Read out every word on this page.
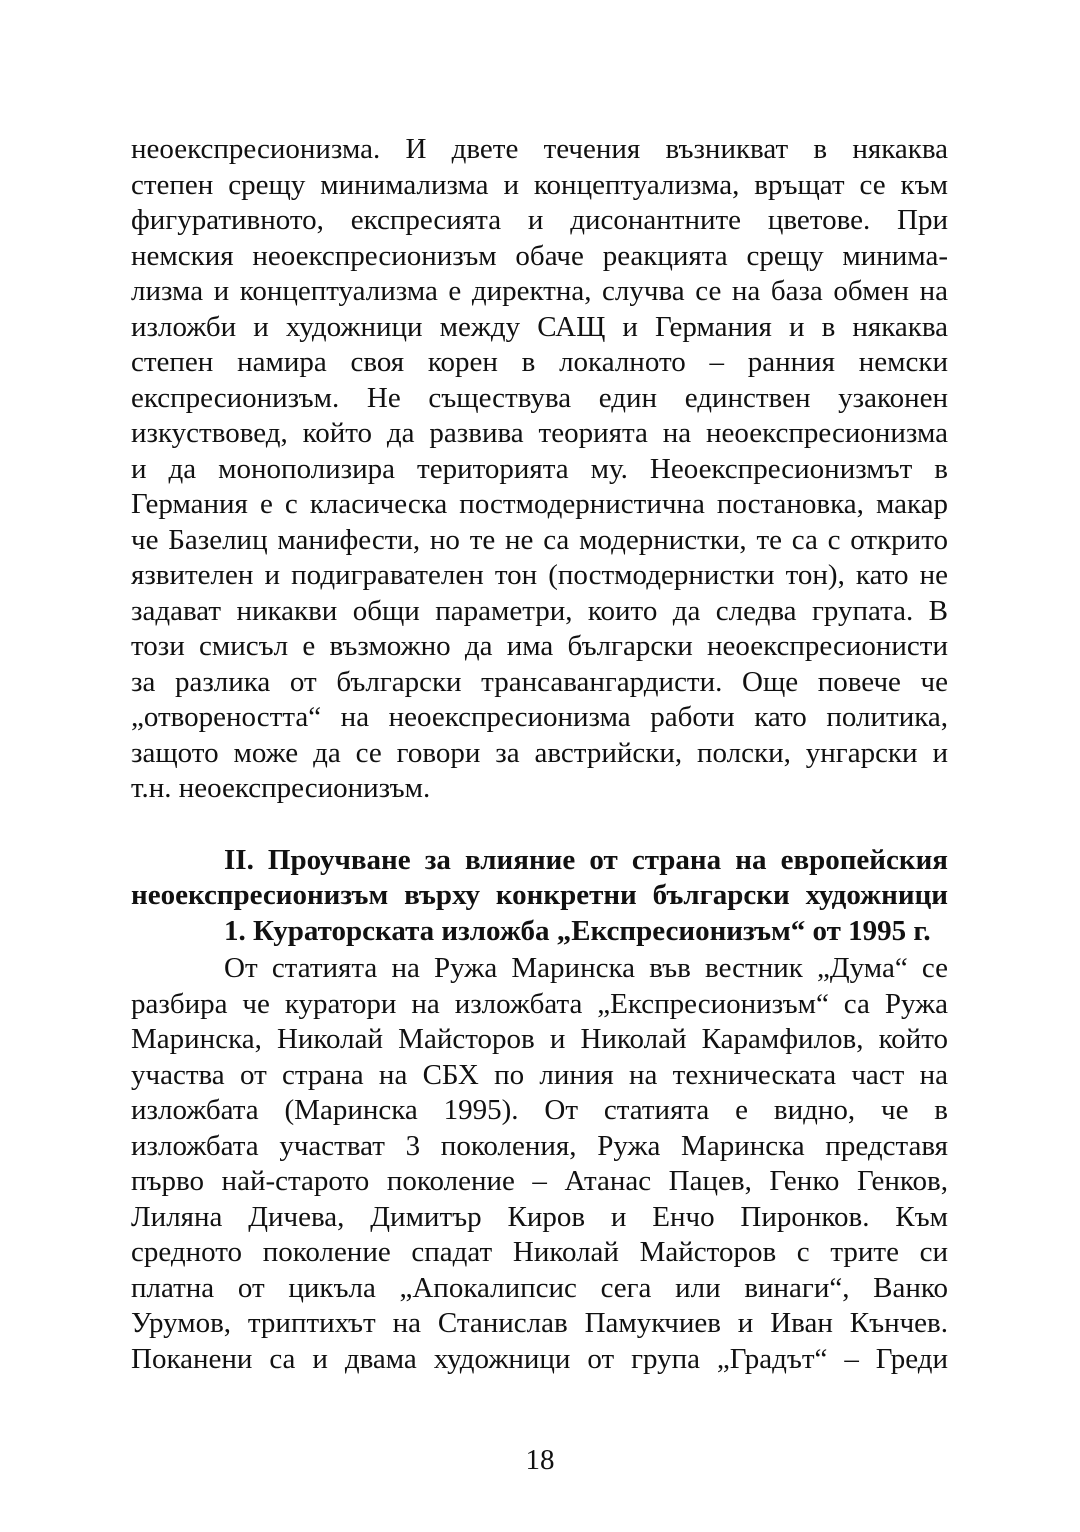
неоекспресионизма. И двете течения възникват в някаква
степен срещу минимализма и концептуализма, връщат се към
фигуративното, експресията и дисонантните цветове. При
немския неоекспресионизъм обаче реакцията срещу минима-
лизма и концептуализма е директна, случва се на база обмен на
изложби и художници между САЩ и Германия и в някаква
степен намира своя корен в локалното – ранния немски
експресионизъм. Не съществува един единствен узаконен
изкуствовед, който да развива теорията на неоекспресионизма
и да монополизира територията му. Неоекспресионизмът в
Германия е с класическа постмодернистична постановка, макар
че Базелиц манифести, но те не са модернистки, те са с открито
язвителен и подигравателен тон (постмодернистки тон), като не
задават никакви общи параметри, които да следва групата. В
този смисъл е възможно да има български неоекспресионисти
за разлика от български трансавангардисти. Още повече че
„отвореността“ на неоекспресионизма работи като политика,
защото може да се говори за австрийски, полски, унгарски и
т.н. неоекспресионизъм.
II. Проучване за влияние от страна на европейския
неоекспресионизъм върху конкретни български художници
1. Кураторската изложба „Експресионизъм“ от 1995 г.
От статията на Ружа Маринска във вестник „Дума“ се
разбира че куратори на изложбата „Експресионизъм“ са Ружа
Маринска, Николай Майсторов и Николай Карамфилов, който
участва от страна на СБХ по линия на техническата част на
изложбата (Маринска 1995). От статията е видно, че в
изложбата участват 3 поколения, Ружа Маринска представя
първо най-старото поколение – Атанас Пацев, Генко Генков,
Лиляна Дичева, Димитър Киров и Енчо Пиронков. Към
средното поколение спадат Николай Майсторов с трите си
платна от цикъла „Апокалипсис сега или винаги“, Ванко
Урумов, триптихът на Станислав Памукчиев и Иван Кънчев.
Поканени са и двама художници от група „Градът“ – Греди
18
